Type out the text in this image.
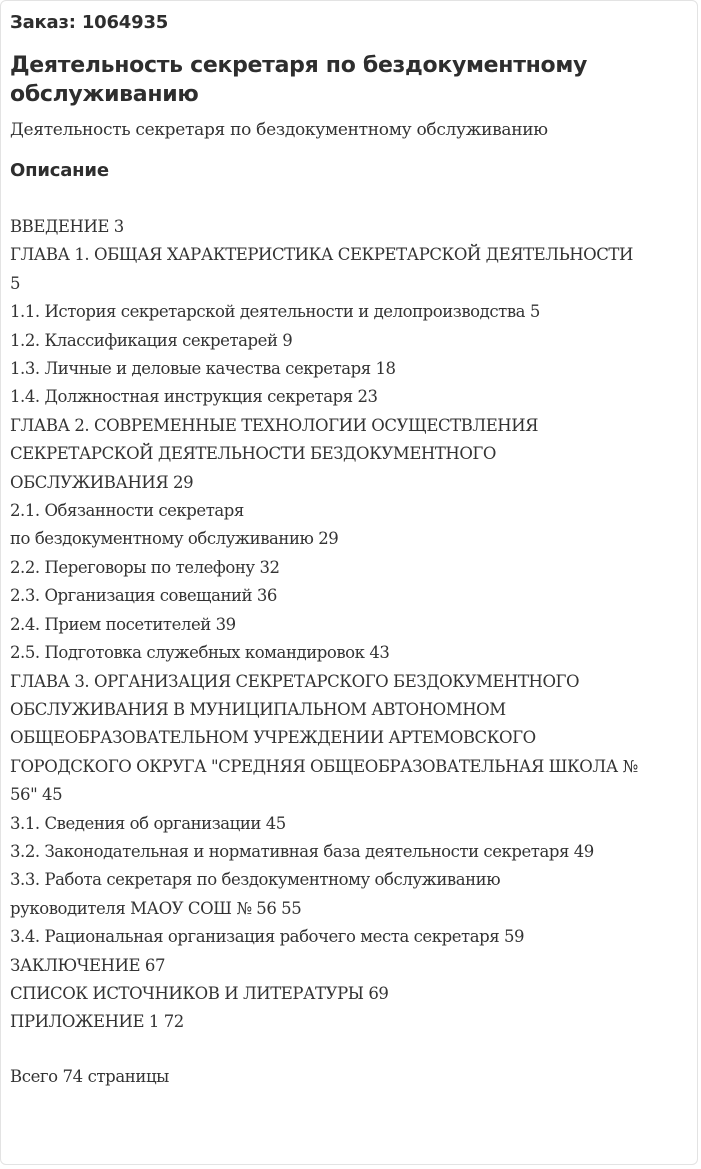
Заказ: 1064935
Деятельность секретаря по бездокументному
обслуживанию

Деятельность секретаря по бездокументному обслуживанию

Описание
ВВЕДЕНИЕ 3
ГЛАВА 1. ОБЩАЯ ХАРАКТЕРИСТИКА СЕКРЕТАРСКОЙ ДЕЯТЕЛЬНОСТИ
5
1.1. История секретарской деятельности и делопроизводства 5
1.2. Классификация секретарей 9
1.3. Личные и деловые качества секретаря 18
1.4. Должностная инструкция секретаря 23
ГЛАВА 2. СОВРЕМЕННЫЕ ТЕХНОЛОГИИ ОСУЩЕСТВЛЕНИЯ
СЕКРЕТАРСКОЙ ДЕЯТЕЛЬНОСТИ БЕЗДОКУМЕНТНОГО
ОБСЛУЖИВАНИЯ 29
2.1. Обязанности секретаря
по бездокументному обслуживанию 29
2.2. Переговоры по телефону 32
2.3. Организация совещаний 36
2.4. Прием посетителей 39
2.5. Подготовка служебных командировок 43
ГЛАВА 3. ОРГАНИЗАЦИЯ СЕКРЕТАРСКОГО БЕЗДОКУМЕНТНОГО
ОБСЛУЖИВАНИЯ В МУНИЦИПАЛЬНОМ АВТОНОМНОМ
ОБЩЕОБРАЗОВАТЕЛЬНОМ УЧРЕЖДЕНИИ АРТЕМОВСКОГО
ГОРОДСКОГО ОКРУГА "СРЕДНЯЯ ОБЩЕОБРАЗОВАТЕЛЬНАЯ ШКОЛА №
56" 45
3.1. Сведения об организации 45
3.2. Законодательная и нормативная база деятельности секретаря 49
3.3. Работа секретаря по бездокументному обслуживанию
руководителя МАОУ СОШ № 56 55
3.4. Рациональная организация рабочего места секретаря 59
ЗАКЛЮЧЕНИЕ 67
СПИСОК ИСТОЧНИКОВ И ЛИТЕРАТУРЫ 69
ПРИЛОЖЕНИЕ 1 72

Всего 74 страницы
